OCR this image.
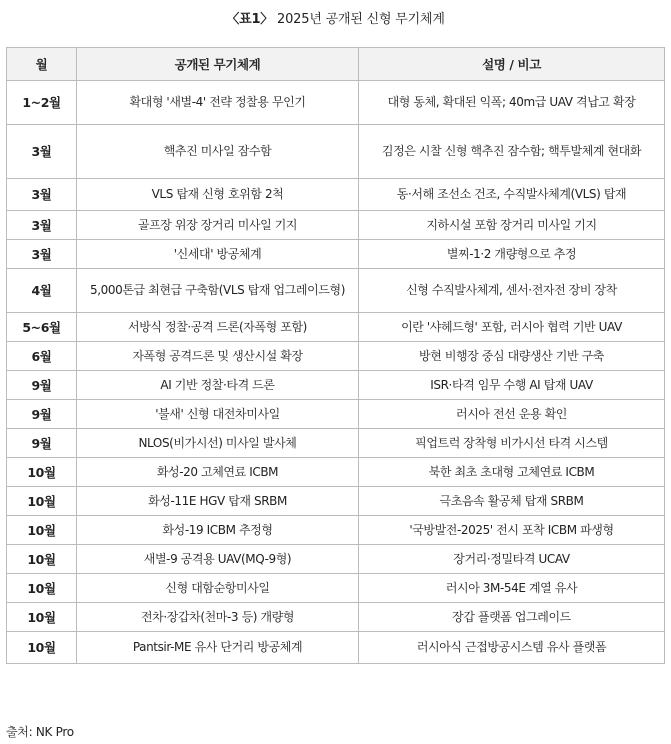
〈표1〉 2025년 공개된 신형 무기체계
월	공개된 무기체계	설명 / 비고
1~2월	확대형 '새별-4' 전략 정찰용 무인기	대형 동체, 확대된 익폭; 40m급 UAV 격납고 확장
3월	핵추진 미사일 잠수함	김정은 시찰 신형 핵추진 잠수함; 핵투발체계 현대화
3월	VLS 탑재 신형 호위함 2척	동·서해 조선소 건조, 수직발사체계(VLS) 탑재
3월	골프장 위장 장거리 미사일 기지	지하시설 포함 장거리 미사일 기지
3월	'신세대' 방공체계	별찌-1·2 개량형으로 추정
4월	5,000톤급 최현급 구축함(VLS 탑재 업그레이드형)	신형 수직발사체계, 센서·전자전 장비 장착
5~6월	서방식 정찰·공격 드론(자폭형 포함)	이란 '샤헤드형' 포함, 러시아 협력 기반 UAV
6월	자폭형 공격드론 및 생산시설 확장	방현 비행장 중심 대량생산 기반 구축
9월	AI 기반 정찰·타격 드론	ISR·타격 임무 수행 AI 탑재 UAV
9월	'불새' 신형 대전차미사일	러시아 전선 운용 확인
9월	NLOS(비가시선) 미사일 발사체	픽업트럭 장착형 비가시선 타격 시스템
10월	화성-20 고체연료 ICBM	북한 최초 초대형 고체연료 ICBM
10월	화성-11E HGV 탑재 SRBM	극초음속 활공체 탑재 SRBM
10월	화성-19 ICBM 추정형	'국방발전-2025' 전시 포착 ICBM 파생형
10월	새별-9 공격용 UAV(MQ-9형)	장거리·정밀타격 UCAV
10월	신형 대함순항미사일	러시아 3M-54E 계열 유사
10월	전차·장갑차(천마-3 등) 개량형	장갑 플랫폼 업그레이드
10월	Pantsir-ME 유사 단거리 방공체계	러시아식 근접방공시스템 유사 플랫폼
출처: NK Pro
